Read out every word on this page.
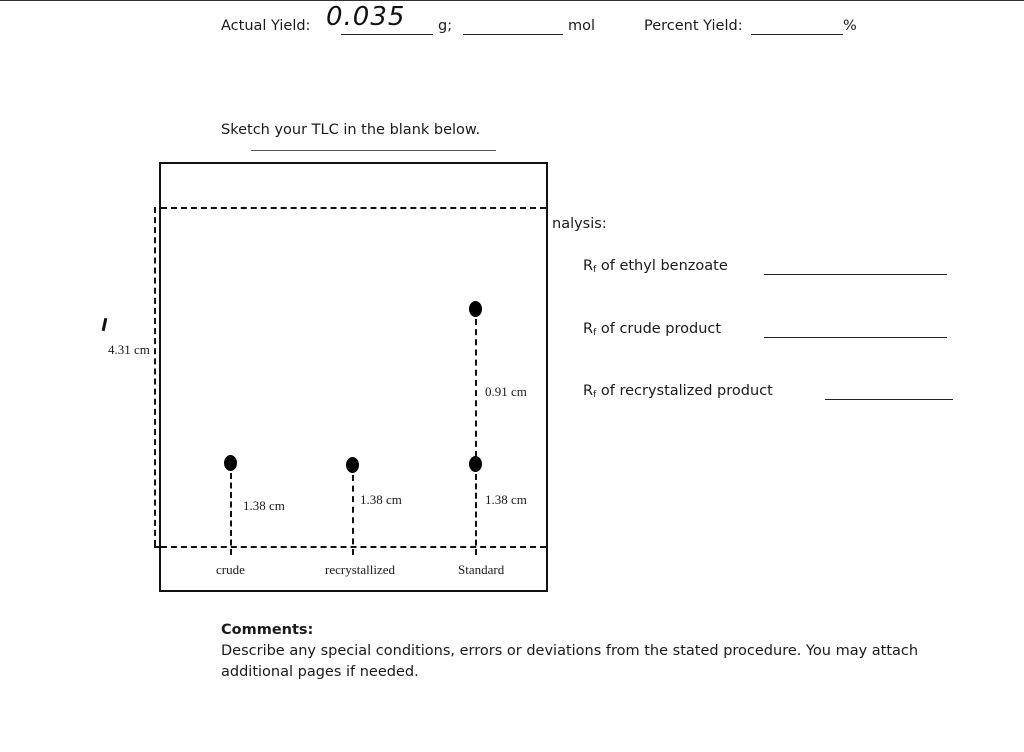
Actual Yield: 0.035 g;	mol	Percent Yield:	%
Sketch your TLC in the blank below.
4.31 cm
1.38 cm
crude
1.38 cm
recrystallized
0.91 cm
1.38 cm
Standard
nalysis:
$R_f$ of ethyl benzoate
$R_f$ of crude product
$R_f$ of recrystalized product
Comments:
Describe any special conditions, errors or deviations from the stated procedure. You may attach
additional pages if needed.
